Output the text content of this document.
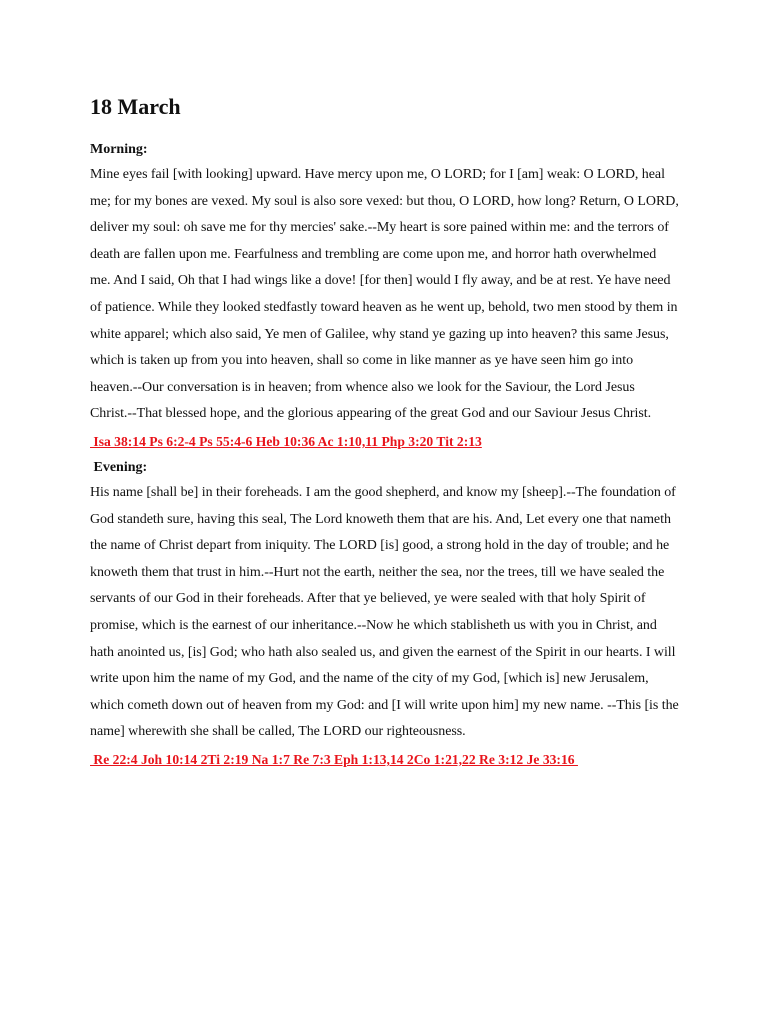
18 March

Morning:

Mine eyes fail [with looking] upward. Have mercy upon me, O LORD; for I [am] weak: O LORD, heal me; for my bones are vexed. My soul is also sore vexed: but thou, O LORD, how long? Return, O LORD, deliver my soul: oh save me for thy mercies' sake.--My heart is sore pained within me: and the terrors of death are fallen upon me. Fearfulness and trembling are come upon me, and horror hath overwhelmed me. And I said, Oh that I had wings like a dove! [for then] would I fly away, and be at rest. Ye have need of patience. While they looked stedfastly toward heaven as he went up, behold, two men stood by them in white apparel; which also said, Ye men of Galilee, why stand ye gazing up into heaven? this same Jesus, which is taken up from you into heaven, shall so come in like manner as ye have seen him go into heaven.--Our conversation is in heaven; from whence also we look for the Saviour, the Lord Jesus Christ.--That blessed hope, and the glorious appearing of the great God and our Saviour Jesus Christ.

Isa 38:14 Ps 6:2-4 Ps 55:4-6 Heb 10:36 Ac 1:10,11 Php 3:20 Tit 2:13

Evening:

His name [shall be] in their foreheads. I am the good shepherd, and know my [sheep].--The foundation of God standeth sure, having this seal, The Lord knoweth them that are his. And, Let every one that nameth the name of Christ depart from iniquity. The LORD [is] good, a strong hold in the day of trouble; and he knoweth them that trust in him.--Hurt not the earth, neither the sea, nor the trees, till we have sealed the servants of our God in their foreheads. After that ye believed, ye were sealed with that holy Spirit of promise, which is the earnest of our inheritance.--Now he which stablisheth us with you in Christ, and hath anointed us, [is] God; who hath also sealed us, and given the earnest of the Spirit in our hearts. I will write upon him the name of my God, and the name of the city of my God, [which is] new Jerusalem, which cometh down out of heaven from my God: and [I will write upon him] my new name. --This [is the name] wherewith she shall be called, The LORD our righteousness.

Re 22:4 Joh 10:14 2Ti 2:19 Na 1:7 Re 7:3 Eph 1:13,14 2Co 1:21,22 Re 3:12 Je 33:16
